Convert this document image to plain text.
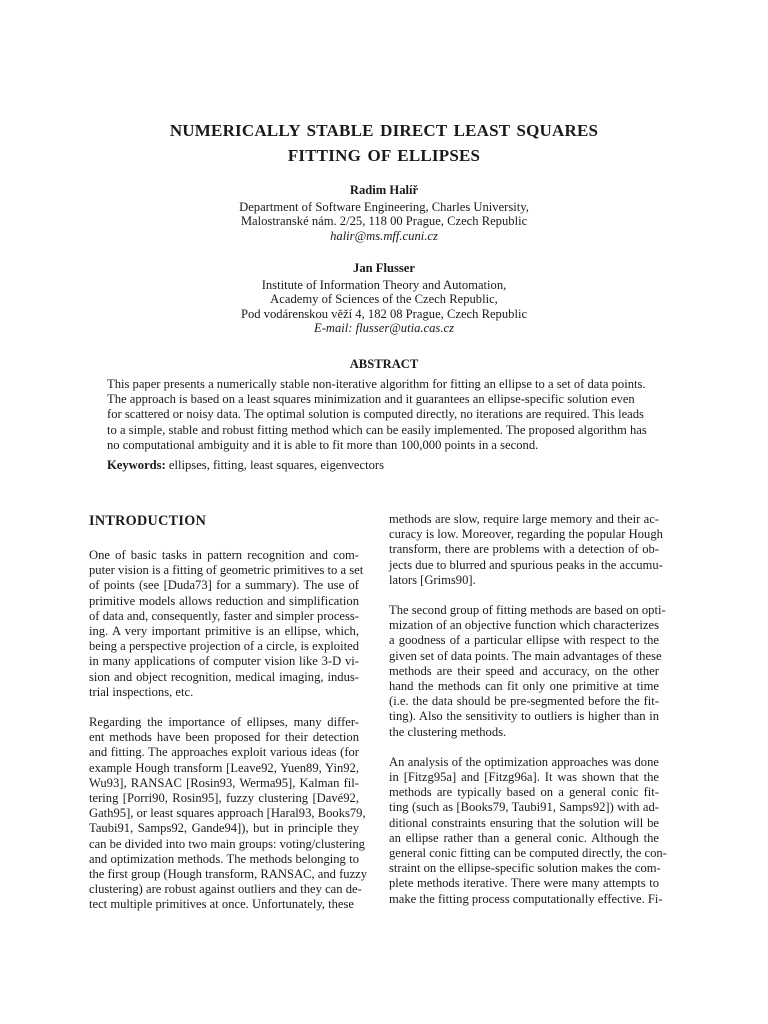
NUMERICALLY STABLE DIRECT LEAST SQUARES
FITTING OF ELLIPSES
Radim Halíř
Department of Software Engineering, Charles University,
Malostranské nám. 2/25, 118 00 Prague, Czech Republic
halir@ms.mff.cuni.cz
Jan Flusser
Institute of Information Theory and Automation,
Academy of Sciences of the Czech Republic,
Pod vodárenskou věží 4, 182 08 Prague, Czech Republic
E-mail: flusser@utia.cas.cz
ABSTRACT
This paper presents a numerically stable non-iterative algorithm for fitting an ellipse to a set of data points.
The approach is based on a least squares minimization and it guarantees an ellipse-specific solution even
for scattered or noisy data. The optimal solution is computed directly, no iterations are required. This leads
to a simple, stable and robust fitting method which can be easily implemented. The proposed algorithm has
no computational ambiguity and it is able to fit more than 100,000 points in a second.
Keywords: ellipses, fitting, least squares, eigenvectors
INTRODUCTION
One of basic tasks in pattern recognition and com-
puter vision is a fitting of geometric primitives to a set
of points (see [Duda73] for a summary). The use of
primitive models allows reduction and simplification
of data and, consequently, faster and simpler process-
ing. A very important primitive is an ellipse, which,
being a perspective projection of a circle, is exploited
in many applications of computer vision like 3-D vi-
sion and object recognition, medical imaging, indus-
trial inspections, etc.
Regarding the importance of ellipses, many differ-
ent methods have been proposed for their detection
and fitting. The approaches exploit various ideas (for
example Hough transform [Leave92, Yuen89, Yin92,
Wu93], RANSAC [Rosin93, Werma95], Kalman fil-
tering [Porri90, Rosin95], fuzzy clustering [Davé92,
Gath95], or least squares approach [Haral93, Books79,
Taubi91, Samps92, Gande94]), but in principle they
can be divided into two main groups: voting/clustering
and optimization methods. The methods belonging to
the first group (Hough transform, RANSAC, and fuzzy
clustering) are robust against outliers and they can de-
tect multiple primitives at once. Unfortunately, these
methods are slow, require large memory and their ac-
curacy is low. Moreover, regarding the popular Hough
transform, there are problems with a detection of ob-
jects due to blurred and spurious peaks in the accumu-
lators [Grims90].
The second group of fitting methods are based on opti-
mization of an objective function which characterizes
a goodness of a particular ellipse with respect to the
given set of data points. The main advantages of these
methods are their speed and accuracy, on the other
hand the methods can fit only one primitive at time
(i.e. the data should be pre-segmented before the fit-
ting). Also the sensitivity to outliers is higher than in
the clustering methods.
An analysis of the optimization approaches was done
in [Fitzg95a] and [Fitzg96a]. It was shown that the
methods are typically based on a general conic fit-
ting (such as [Books79, Taubi91, Samps92]) with ad-
ditional constraints ensuring that the solution will be
an ellipse rather than a general conic. Although the
general conic fitting can be computed directly, the con-
straint on the ellipse-specific solution makes the com-
plete methods iterative. There were many attempts to
make the fitting process computationally effective. Fi-
